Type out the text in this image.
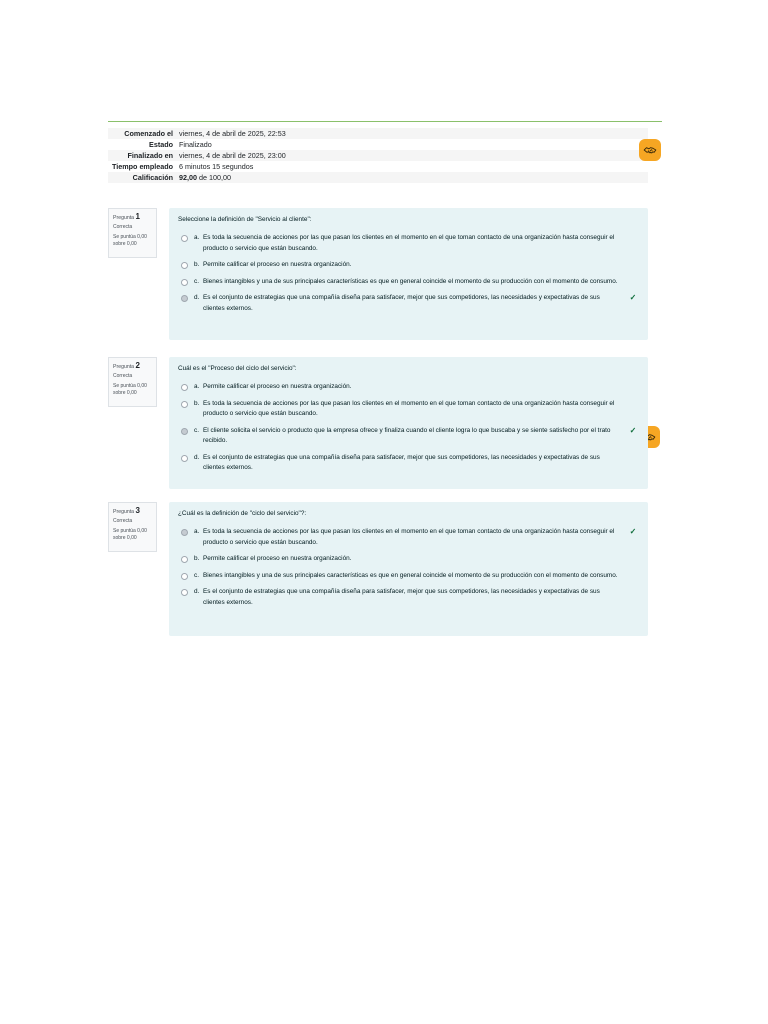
Comenzado el viernes, 4 de abril de 2025, 22:53
Estado Finalizado
Finalizado en viernes, 4 de abril de 2025, 23:00
Tiempo empleado 6 minutos 15 segundos
Calificación 92,00 de 100,00
Pregunta 1
Correcta
Se puntúa 0,00 sobre 0,00
Seleccione la definición de "Servicio al cliente":
a. Es toda la secuencia de acciones por las que pasan los clientes en el momento en el que toman contacto de una organización hasta conseguir el producto o servicio que están buscando.
b. Permite calificar el proceso en nuestra organización.
c. Bienes intangibles y una de sus principales características es que en general coincide el momento de su producción con el momento de consumo.
d. Es el conjunto de estrategias que una compañía diseña para satisfacer, mejor que sus competidores, las necesidades y expectativas de sus clientes externos.
✓
Pregunta 2
Correcta
Se puntúa 0,00 sobre 0,00
Cuál es el "Proceso del ciclo del servicio":
a. Permite calificar el proceso en nuestra organización.
b. Es toda la secuencia de acciones por las que pasan los clientes en el momento en el que toman contacto de una organización hasta conseguir el producto o servicio que están buscando.
c. El cliente solicita el servicio o producto que la empresa ofrece y finaliza cuando el cliente logra lo que buscaba y se siente satisfecho por el trato recibido.
✓
d. Es el conjunto de estrategias que una compañía diseña para satisfacer, mejor que sus competidores, las necesidades y expectativas de sus clientes externos.
Pregunta 3
Correcta
Se puntúa 0,00 sobre 0,00
¿Cuál es la definición de "ciclo del servicio"?:
a. Es toda la secuencia de acciones por las que pasan los clientes en el momento en el que toman contacto de una organización hasta conseguir el producto o servicio que están buscando.
✓
b. Permite calificar el proceso en nuestra organización.
c. Bienes intangibles y una de sus principales características es que en general coincide el momento de su producción con el momento de consumo.
d. Es el conjunto de estrategias que una compañía diseña para satisfacer, mejor que sus competidores, las necesidades y expectativas de sus clientes externos.
